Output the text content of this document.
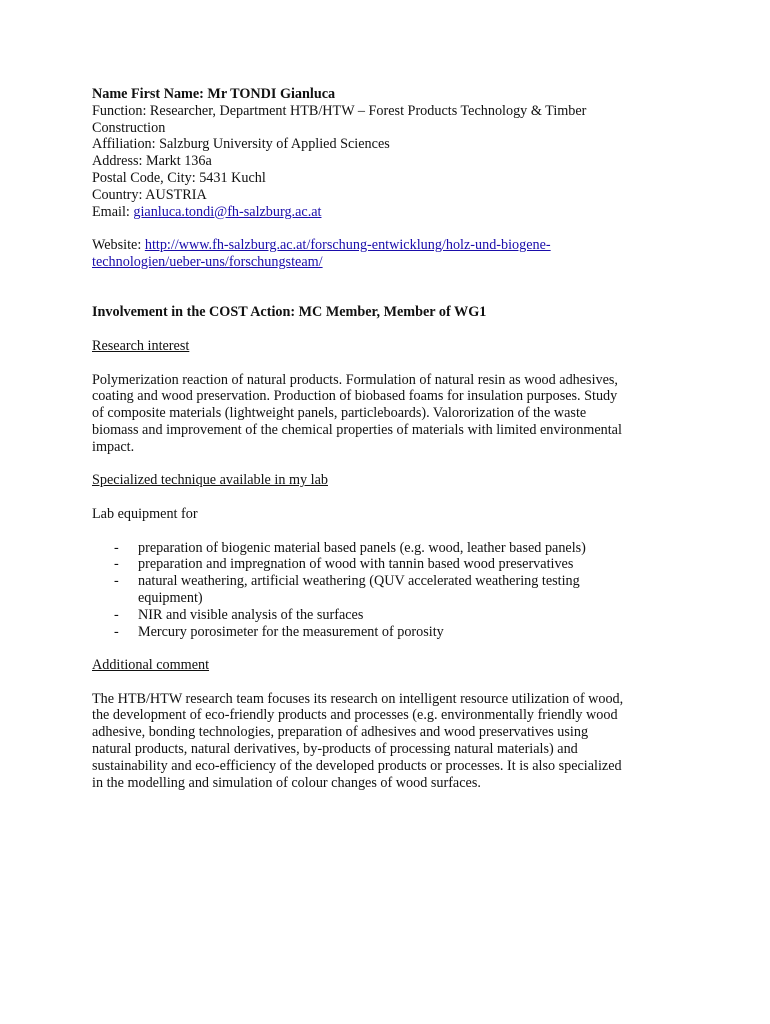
Name First Name: Mr TONDI Gianluca
Function: Researcher, Department HTB/HTW – Forest Products Technology & Timber
Construction
Affiliation: Salzburg University of Applied Sciences
Address: Markt 136a
Postal Code, City: 5431 Kuchl
Country: AUSTRIA
Email: gianluca.tondi@fh-salzburg.ac.at
Website: http://www.fh-salzburg.ac.at/forschung-entwicklung/holz-und-biogene-
technologien/ueber-uns/forschungsteam/
Involvement in the COST Action: MC Member, Member of WG1
Research interest
Polymerization reaction of natural products. Formulation of natural resin as wood adhesives,
coating and wood preservation. Production of biobased foams for insulation purposes. Study
of composite materials (lightweight panels, particleboards). Valororization of the waste
biomass and improvement of the chemical properties of materials with limited environmental
impact.
Specialized technique available in my lab
Lab equipment for
- preparation of biogenic material based panels (e.g. wood, leather based panels)
- preparation and impregnation of wood with tannin based wood preservatives
- natural weathering, artificial weathering (QUV accelerated weathering testing
equipment)
- NIR and visible analysis of the surfaces
- Mercury porosimeter for the measurement of porosity
Additional comment
The HTB/HTW research team focuses its research on intelligent resource utilization of wood,
the development of eco-friendly products and processes (e.g. environmentally friendly wood
adhesive, bonding technologies, preparation of adhesives and wood preservatives using
natural products, natural derivatives, by-products of processing natural materials) and
sustainability and eco-efficiency of the developed products or processes. It is also specialized
in the modelling and simulation of colour changes of wood surfaces.
